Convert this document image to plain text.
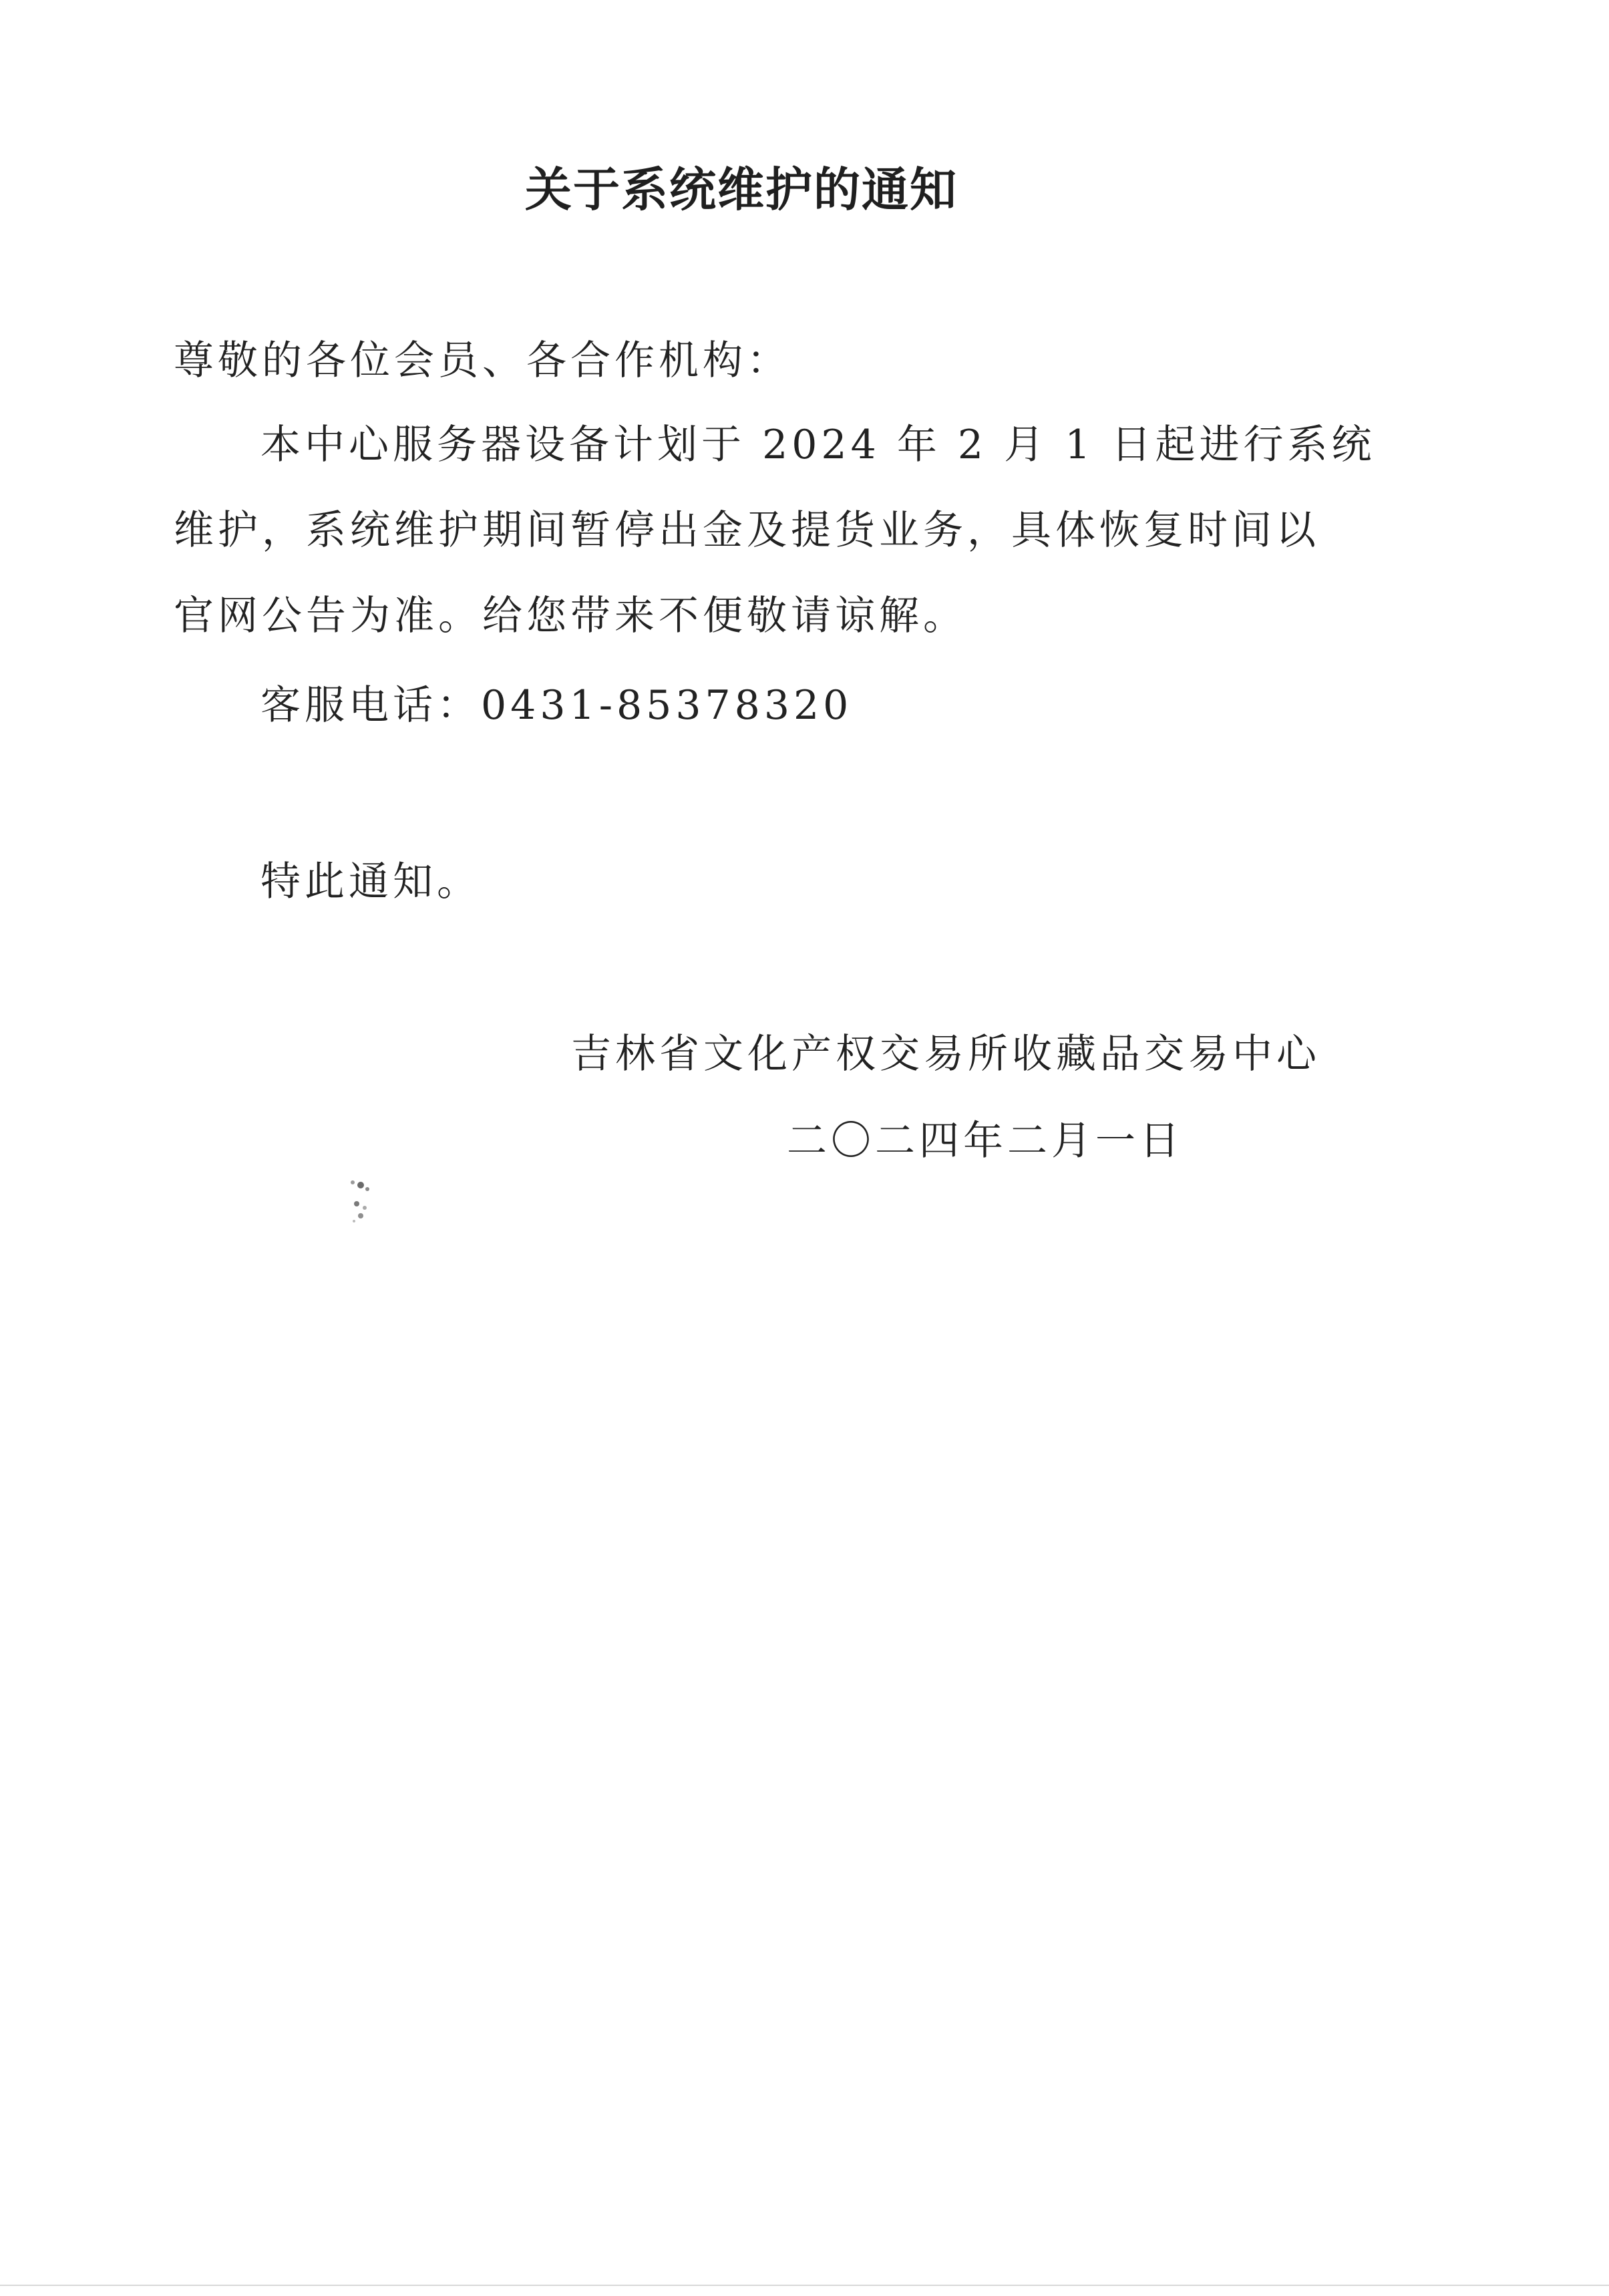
关于系统维护的通知
尊敬的各位会员、各合作机构：
本中心服务器设备计划于 2024 年 2 月 1 日起进行系统
维护，系统维护期间暂停出金及提货业务，具体恢复时间以
官网公告为准。给您带来不便敬请谅解。
客服电话：0431-85378320
特此通知。
吉林省文化产权交易所收藏品交易中心
二〇二四年二月一日
